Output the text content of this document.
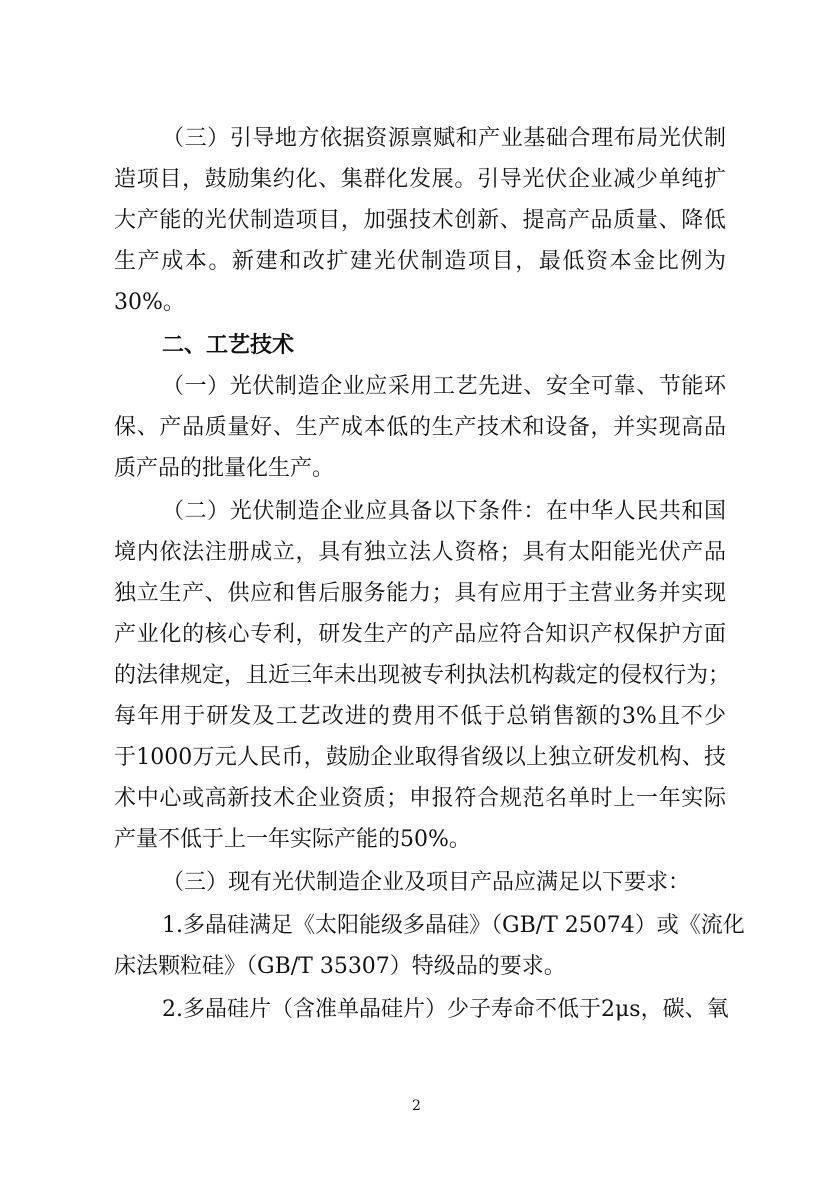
（三）引导地方依据资源禀赋和产业基础合理布局光伏制
造项目，鼓励集约化、集群化发展。引导光伏企业减少单纯扩
大产能的光伏制造项目，加强技术创新、提高产品质量、降低
生产成本。新建和改扩建光伏制造项目，最低资本金比例为
30%。
二、工艺技术
（一）光伏制造企业应采用工艺先进、安全可靠、节能环
保、产品质量好、生产成本低的生产技术和设备，并实现高品
质产品的批量化生产。
（二）光伏制造企业应具备以下条件：在中华人民共和国
境内依法注册成立，具有独立法人资格；具有太阳能光伏产品
独立生产、供应和售后服务能力；具有应用于主营业务并实现
产业化的核心专利，研发生产的产品应符合知识产权保护方面
的法律规定，且近三年未出现被专利执法机构裁定的侵权行为；
每年用于研发及工艺改进的费用不低于总销售额的3%且不少
于1000万元人民币，鼓励企业取得省级以上独立研发机构、技
术中心或高新技术企业资质；申报符合规范名单时上一年实际
产量不低于上一年实际产能的50%。
（三）现有光伏制造企业及项目产品应满足以下要求：
1.多晶硅满足《太阳能级多晶硅》（GB/T 25074）或《流化
床法颗粒硅》（GB/T 35307）特级品的要求。
2.多晶硅片（含准单晶硅片）少子寿命不低于2μs，碳、氧
2
